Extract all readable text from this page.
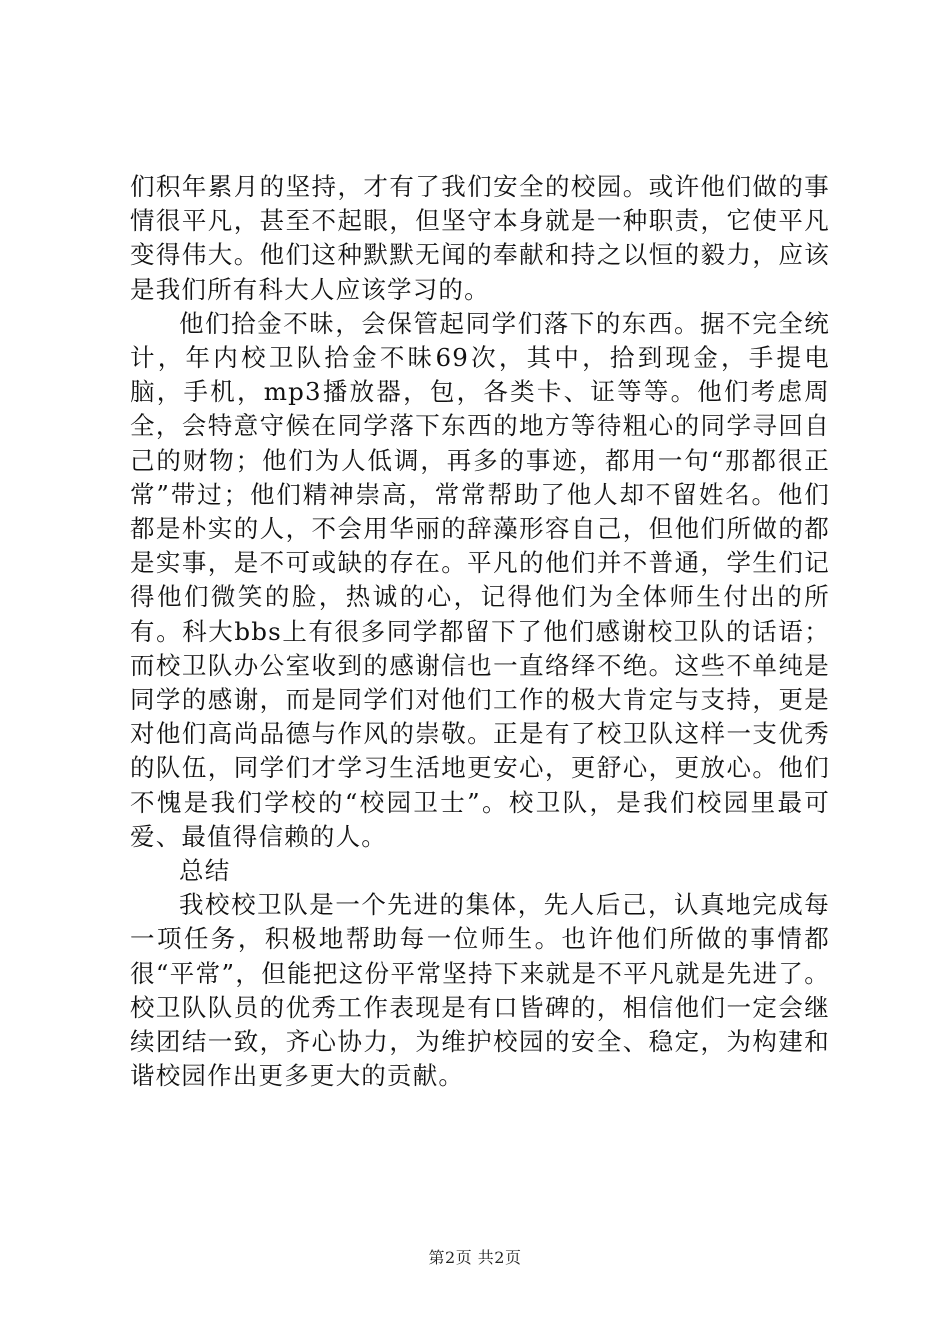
们积年累月的坚持，才有了我们安全的校园。或许他们做的事情很平凡，甚至不起眼，但坚守本身就是一种职责，它使平凡变得伟大。他们这种默默无闻的奉献和持之以恒的毅力，应该是我们所有科大人应该学习的。

他们拾金不昧，会保管起同学们落下的东西。据不完全统计，年内校卫队拾金不昧69次，其中，拾到现金，手提电脑，手机，mp3播放器，包，各类卡、证等等。他们考虑周全，会特意守候在同学落下东西的地方等待粗心的同学寻回自己的财物；他们为人低调，再多的事迹，都用一句“那都很正常”带过；他们精神崇高，常常帮助了他人却不留姓名。他们都是朴实的人，不会用华丽的辞藻形容自己，但他们所做的都是实事，是不可或缺的存在。平凡的他们并不普通，学生们记得他们微笑的脸，热诚的心，记得他们为全体师生付出的所有。科大bbs上有很多同学都留下了他们感谢校卫队的话语；而校卫队办公室收到的感谢信也一直络绎不绝。这些不单纯是同学的感谢，而是同学们对他们工作的极大肯定与支持，更是对他们高尚品德与作风的崇敬。正是有了校卫队这样一支优秀的队伍，同学们才学习生活地更安心，更舒心，更放心。他们不愧是我们学校的“校园卫士”。校卫队，是我们校园里最可爱、最值得信赖的人。

总结

我校校卫队是一个先进的集体，先人后己，认真地完成每一项任务，积极地帮助每一位师生。也许他们所做的事情都很“平常”，但能把这份平常坚持下来就是不平凡就是先进了。校卫队队员的优秀工作表现是有口皆碑的，相信他们一定会继续团结一致，齐心协力，为维护校园的安全、稳定，为构建和谐校园作出更多更大的贡献。

第2页 共2页
